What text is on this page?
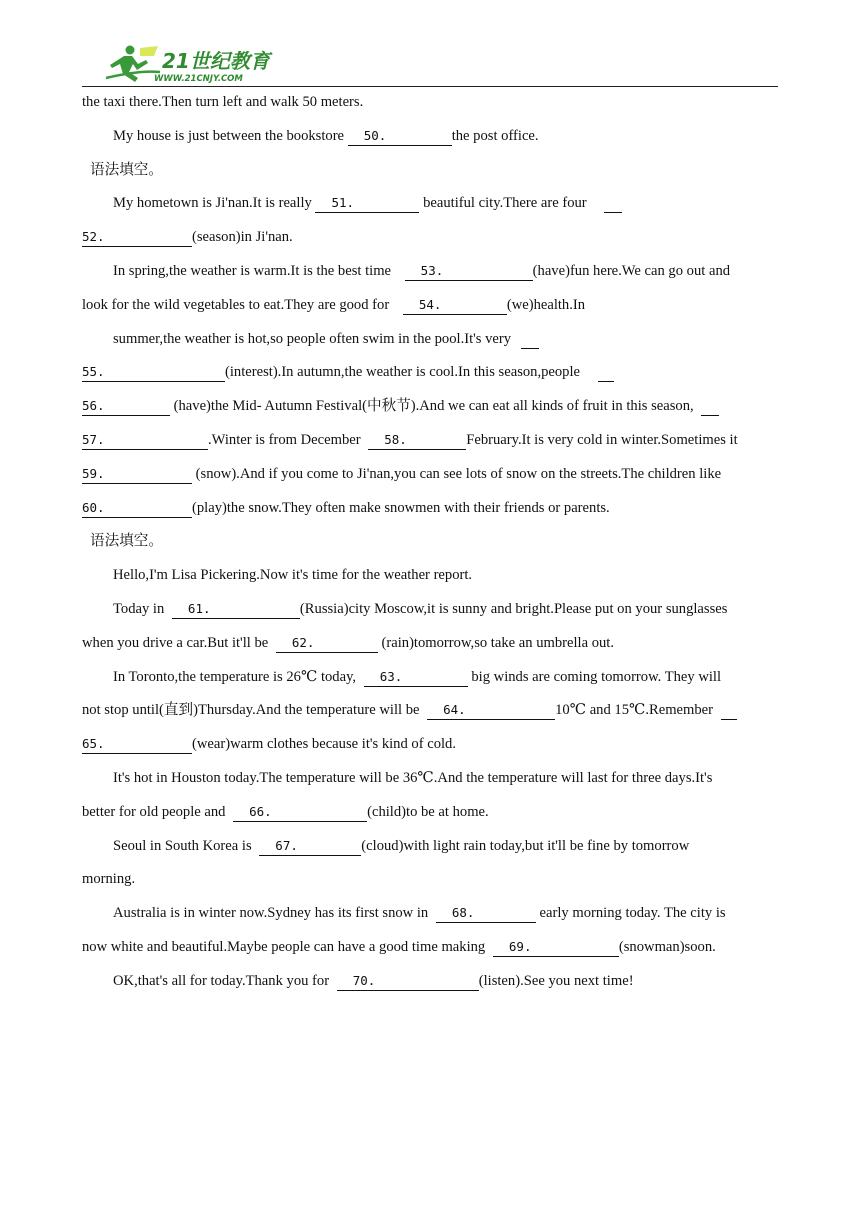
21世纪教育
WWW.21CNJY.COM
the taxi there.Then turn left and walk 50 meters.
My house is just between the bookstore 50.	the post office.
语法填空。
My hometown is Ji'nan.It is really 51.	beautiful city.There are four
52.	(season)in Ji'nan.
In spring,the weather is warm.It is the best time 53.	(have)fun here.We can go out and
look for the wild vegetables to eat.They are good for 54.	(we)health.In
summer,the weather is hot,so people often swim in the pool.It's very
55.	(interest).In autumn,the weather is cool.In this season,people
56.	(have)the Mid- Autumn Festival(中秋节).And we can eat all kinds of fruit in this season,
57.	.Winter is from December 58.	February.It is very cold in winter.Sometimes it
59.	(snow).And if you come to Ji'nan,you can see lots of snow on the streets.The children like
60.	(play)the snow.They often make snowmen with their friends or parents.
语法填空。
Hello,I'm Lisa Pickering.Now it's time for the weather report.
Today in 61.	(Russia)city Moscow,it is sunny and bright.Please put on your sunglasses
when you drive a car.But it'll be 62.	(rain)tomorrow,so take an umbrella out.
In Toronto,the temperature is 26℃ today, 63.	big winds are coming tomorrow. They will
not stop until(直到)Thursday.And the temperature will be 64.	10℃ and 15℃.Remember
65.	(wear)warm clothes because it's kind of cold.
It's hot in Houston today.The temperature will be 36℃.And the temperature will last for three days.It's
better for old people and 66.	(child)to be at home.
Seoul in South Korea is 67.	(cloud)with light rain today,but it'll be fine by tomorrow
morning.
Australia is in winter now.Sydney has its first snow in 68.	early morning today. The city is
now white and beautiful.Maybe people can have a good time making 69.	(snowman)soon.
OK,that's all for today.Thank you for 70.	(listen).See you next time!
